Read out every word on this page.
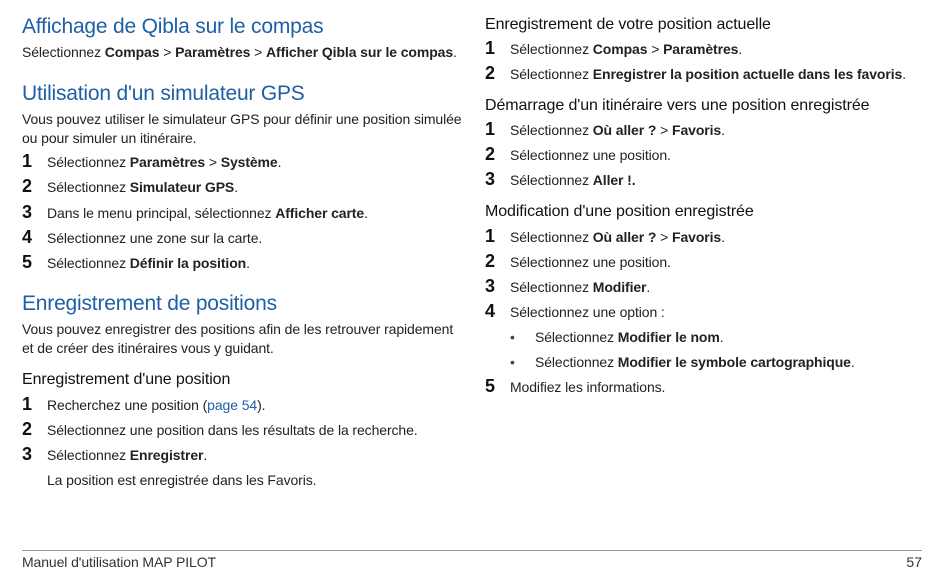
Affichage de Qibla sur le compas

Sélectionnez Compas > Paramètres > Afficher Qibla sur le compas.

Utilisation d'un simulateur GPS

Vous pouvez utiliser le simulateur GPS pour définir une position simulée

ou pour simuler un itinéraire.

1	Sélectionnez Paramètres > Système.
2	Sélectionnez Simulateur GPS.
3	Dans le menu principal, sélectionnez Afficher carte.
4	Sélectionnez une zone sur la carte.
5	Sélectionnez Définir la position.
Enregistrement de positions

Vous pouvez enregistrer des positions afin de les retrouver rapidement

et de créer des itinéraires vous y guidant.

Enregistrement d'une position
1	Recherchez une position (page 54).
2	Sélectionnez une position dans les résultats de la recherche.
3	Sélectionnez Enregistrer.

La position est enregistrée dans les Favoris.

Enregistrement de votre position actuelle
1	Sélectionnez Compas > Paramètres.
2	Sélectionnez Enregistrer la position actuelle dans les favoris.
Démarrage d'un itinéraire vers une position enregistrée
1	Sélectionnez Où aller ? > Favoris.
2	Sélectionnez une position.
3	Sélectionnez Aller !.
Modification d'une position enregistrée
1	Sélectionnez Où aller ? > Favoris.
2	Sélectionnez une position.
3	Sélectionnez Modifier.
4	Sélectionnez une option :
• Sélectionnez Modifier le nom.
• Sélectionnez Modifier le symbole cartographique.
5	Modifiez les informations.
Manuel d'utilisation MAP PILOT	57
